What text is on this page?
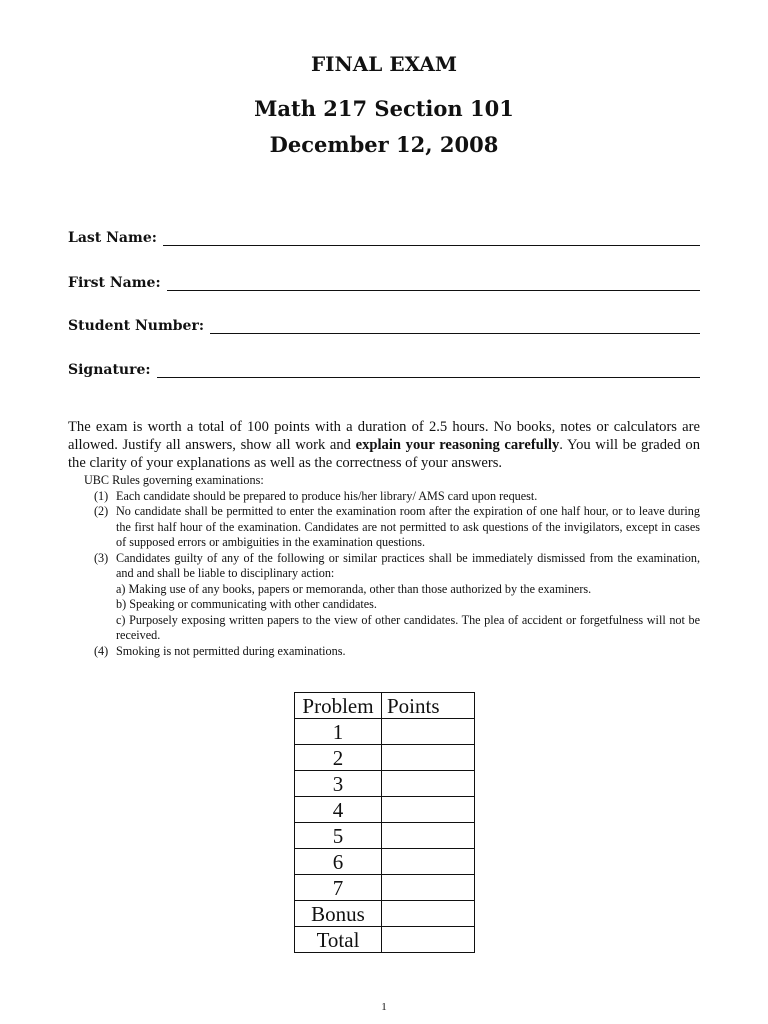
FINAL EXAM
Math 217 Section 101
December 12, 2008
Last Name:
First Name:
Student Number:
Signature:
The exam is worth a total of 100 points with a duration of 2.5 hours. No books, notes or calculators are allowed. Justify all answers, show all work and explain your reasoning carefully. You will be graded on the clarity of your explanations as well as the correctness of your answers.
UBC Rules governing examinations:
(1) Each candidate should be prepared to produce his/her library/ AMS card upon request.
(2) No candidate shall be permitted to enter the examination room after the expiration of one half hour, or to leave during the first half hour of the examination. Candidates are not permitted to ask questions of the invigilators, except in cases of supposed errors or ambiguities in the examination questions.
(3) Candidates guilty of any of the following or similar practices shall be immediately dismissed from the examination, and and shall be liable to disciplinary action:
a) Making use of any books, papers or memoranda, other than those authorized by the examiners.
b) Speaking or communicating with other candidates.
c) Purposely exposing written papers to the view of other candidates. The plea of accident or forgetfulness will not be received.
(4) Smoking is not permitted during examinations.
Problem	Points
1	
2	
3	
4	
5	
6	
7	
Bonus	
Total	
1
